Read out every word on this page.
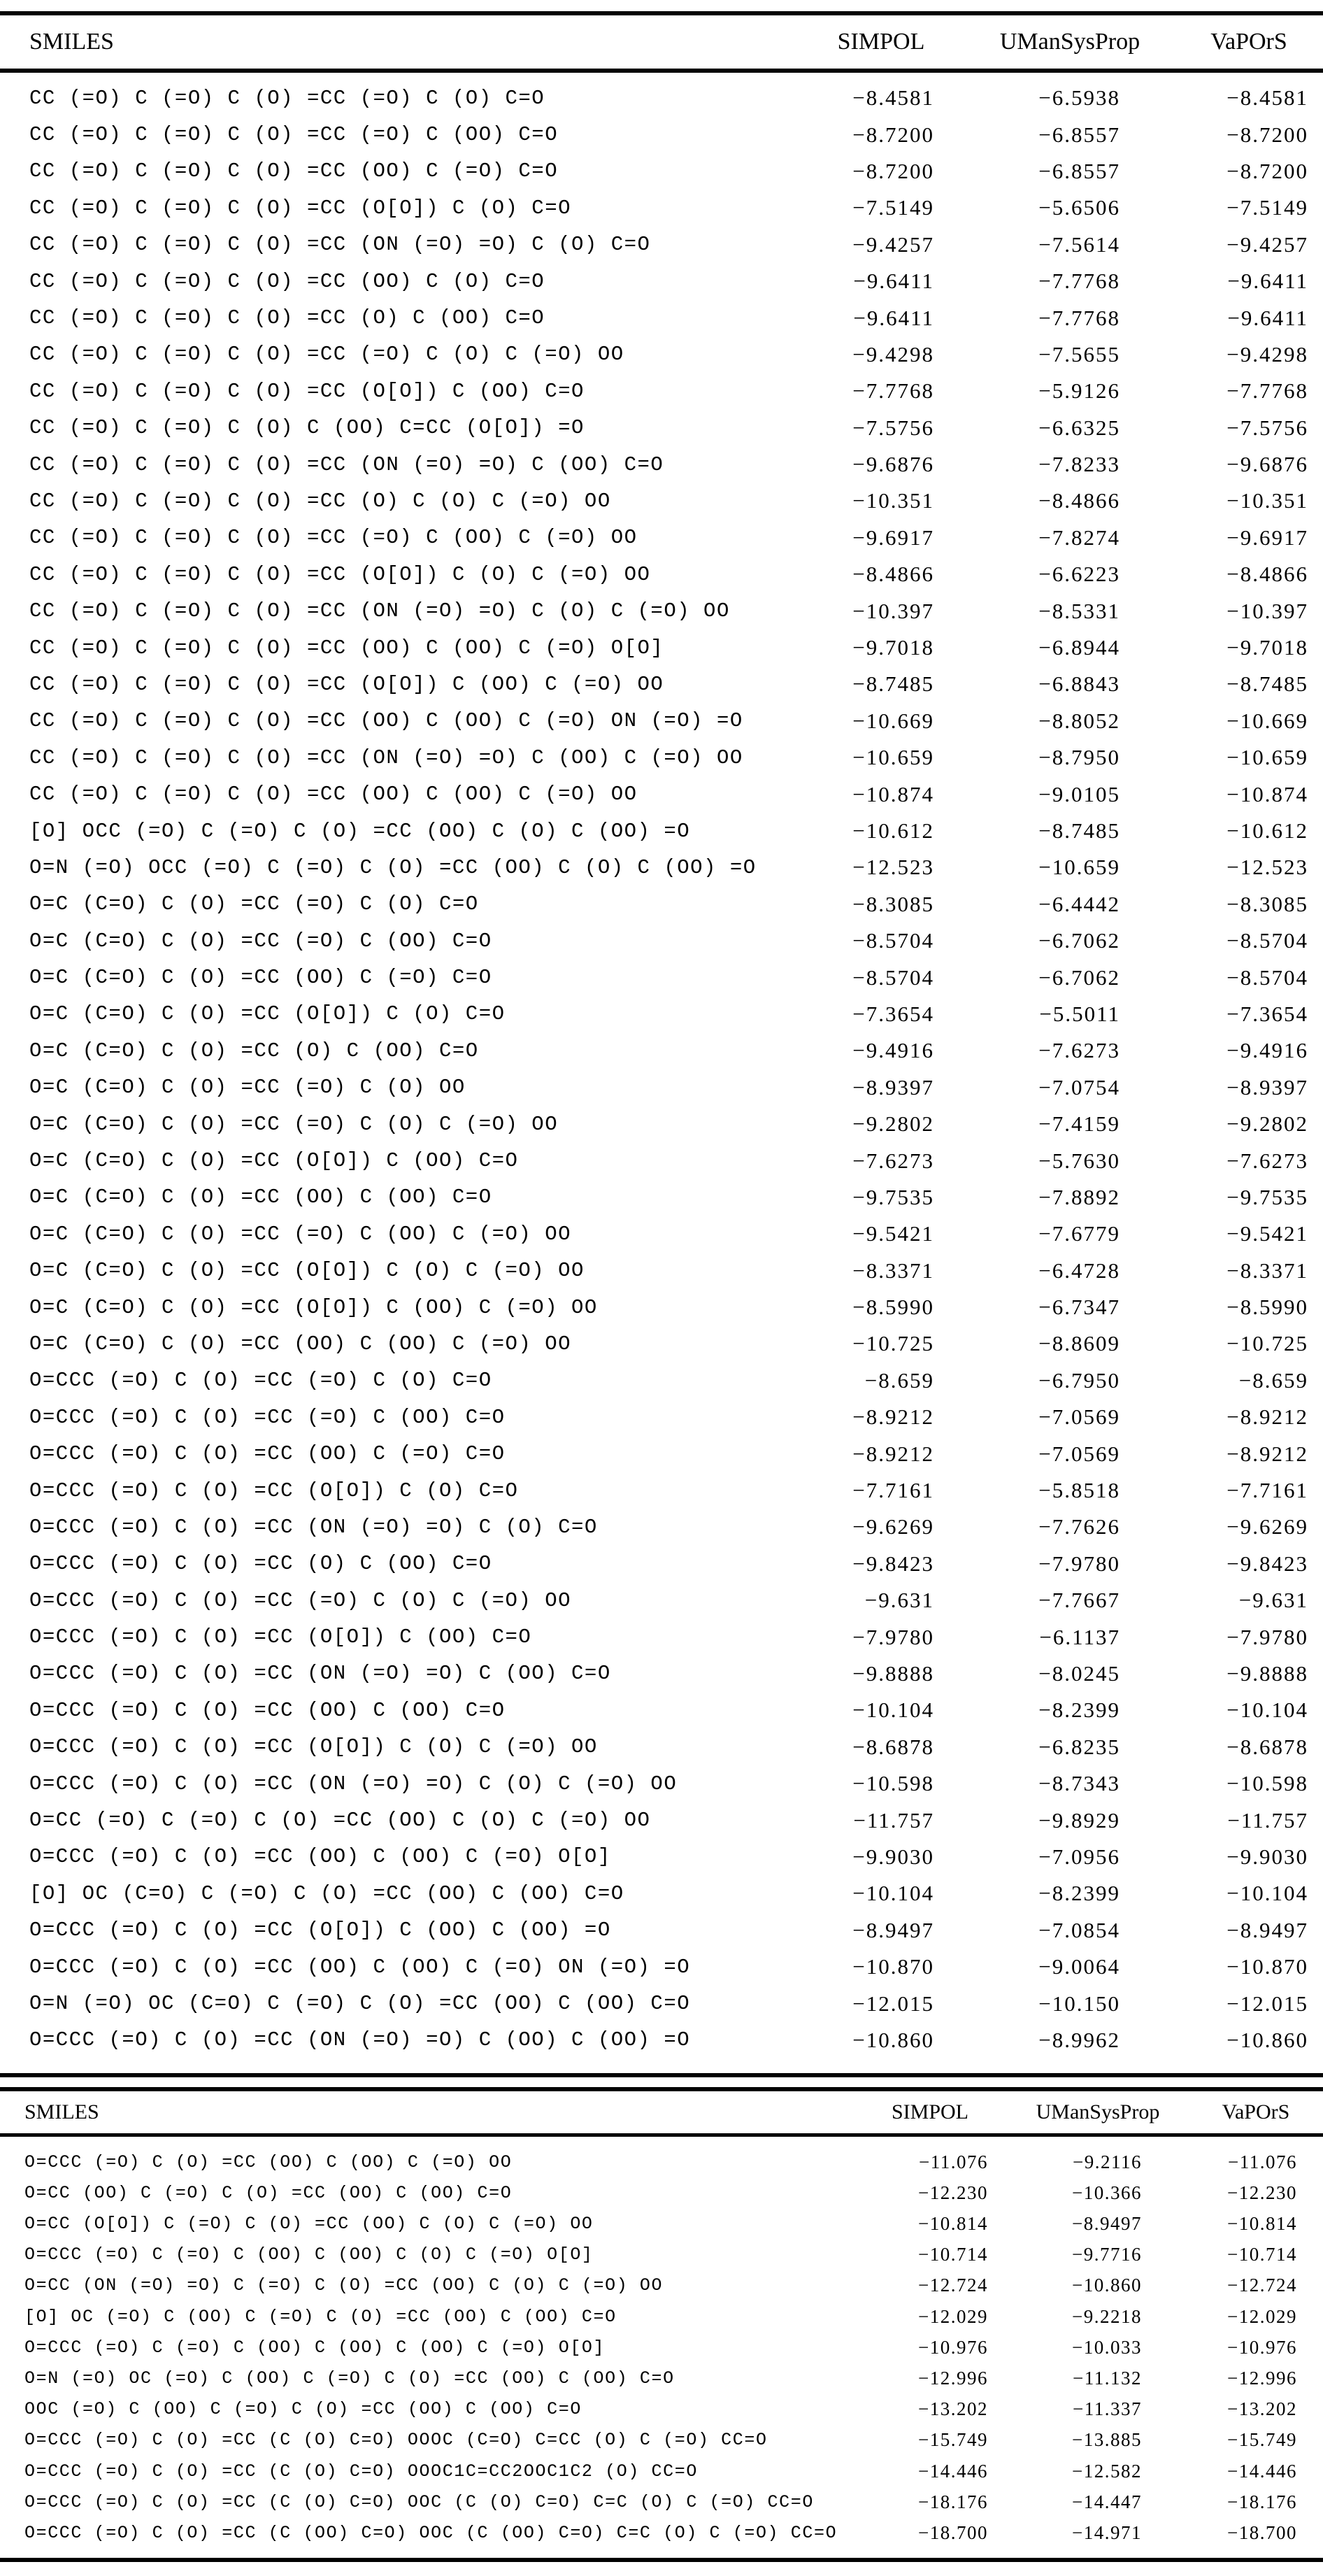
SMILES	SIMPOL	UManSysProp	VaPOrS
CC (=O) C (=O) C (O) =CC (=O) C (O) C=O	−8.4581	−6.5938	−8.4581
CC (=O) C (=O) C (O) =CC (=O) C (OO) C=O	−8.7200	−6.8557	−8.7200
CC (=O) C (=O) C (O) =CC (OO) C (=O) C=O	−8.7200	−6.8557	−8.7200
CC (=O) C (=O) C (O) =CC (O[O]) C (O) C=O	−7.5149	−5.6506	−7.5149
CC (=O) C (=O) C (O) =CC (ON (=O) =O) C (O) C=O	−9.4257	−7.5614	−9.4257
CC (=O) C (=O) C (O) =CC (OO) C (O) C=O	−9.6411	−7.7768	−9.6411
CC (=O) C (=O) C (O) =CC (O) C (OO) C=O	−9.6411	−7.7768	−9.6411
CC (=O) C (=O) C (O) =CC (=O) C (O) C (=O) OO	−9.4298	−7.5655	−9.4298
CC (=O) C (=O) C (O) =CC (O[O]) C (OO) C=O	−7.7768	−5.9126	−7.7768
CC (=O) C (=O) C (O) C (OO) C=CC (O[O]) =O	−7.5756	−6.6325	−7.5756
CC (=O) C (=O) C (O) =CC (ON (=O) =O) C (OO) C=O	−9.6876	−7.8233	−9.6876
CC (=O) C (=O) C (O) =CC (O) C (O) C (=O) OO	−10.351	−8.4866	−10.351
CC (=O) C (=O) C (O) =CC (=O) C (OO) C (=O) OO	−9.6917	−7.8274	−9.6917
CC (=O) C (=O) C (O) =CC (O[O]) C (O) C (=O) OO	−8.4866	−6.6223	−8.4866
CC (=O) C (=O) C (O) =CC (ON (=O) =O) C (O) C (=O) OO	−10.397	−8.5331	−10.397
CC (=O) C (=O) C (O) =CC (OO) C (OO) C (=O) O[O]	−9.7018	−6.8944	−9.7018
CC (=O) C (=O) C (O) =CC (O[O]) C (OO) C (=O) OO	−8.7485	−6.8843	−8.7485
CC (=O) C (=O) C (O) =CC (OO) C (OO) C (=O) ON (=O) =O	−10.669	−8.8052	−10.669
CC (=O) C (=O) C (O) =CC (ON (=O) =O) C (OO) C (=O) OO	−10.659	−8.7950	−10.659
CC (=O) C (=O) C (O) =CC (OO) C (OO) C (=O) OO	−10.874	−9.0105	−10.874
[O] OCC (=O) C (=O) C (O) =CC (OO) C (O) C (OO) =O	−10.612	−8.7485	−10.612
O=N (=O) OCC (=O) C (=O) C (O) =CC (OO) C (O) C (OO) =O	−12.523	−10.659	−12.523
O=C (C=O) C (O) =CC (=O) C (O) C=O	−8.3085	−6.4442	−8.3085
O=C (C=O) C (O) =CC (=O) C (OO) C=O	−8.5704	−6.7062	−8.5704
O=C (C=O) C (O) =CC (OO) C (=O) C=O	−8.5704	−6.7062	−8.5704
O=C (C=O) C (O) =CC (O[O]) C (O) C=O	−7.3654	−5.5011	−7.3654
O=C (C=O) C (O) =CC (O) C (OO) C=O	−9.4916	−7.6273	−9.4916
O=C (C=O) C (O) =CC (=O) C (O) OO	−8.9397	−7.0754	−8.9397
O=C (C=O) C (O) =CC (=O) C (O) C (=O) OO	−9.2802	−7.4159	−9.2802
O=C (C=O) C (O) =CC (O[O]) C (OO) C=O	−7.6273	−5.7630	−7.6273
O=C (C=O) C (O) =CC (OO) C (OO) C=O	−9.7535	−7.8892	−9.7535
O=C (C=O) C (O) =CC (=O) C (OO) C (=O) OO	−9.5421	−7.6779	−9.5421
O=C (C=O) C (O) =CC (O[O]) C (O) C (=O) OO	−8.3371	−6.4728	−8.3371
O=C (C=O) C (O) =CC (O[O]) C (OO) C (=O) OO	−8.5990	−6.7347	−8.5990
O=C (C=O) C (O) =CC (OO) C (OO) C (=O) OO	−10.725	−8.8609	−10.725
O=CCC (=O) C (O) =CC (=O) C (O) C=O	−8.659	−6.7950	−8.659
O=CCC (=O) C (O) =CC (=O) C (OO) C=O	−8.9212	−7.0569	−8.9212
O=CCC (=O) C (O) =CC (OO) C (=O) C=O	−8.9212	−7.0569	−8.9212
O=CCC (=O) C (O) =CC (O[O]) C (O) C=O	−7.7161	−5.8518	−7.7161
O=CCC (=O) C (O) =CC (ON (=O) =O) C (O) C=O	−9.6269	−7.7626	−9.6269
O=CCC (=O) C (O) =CC (O) C (OO) C=O	−9.8423	−7.9780	−9.8423
O=CCC (=O) C (O) =CC (=O) C (O) C (=O) OO	−9.631	−7.7667	−9.631
O=CCC (=O) C (O) =CC (O[O]) C (OO) C=O	−7.9780	−6.1137	−7.9780
O=CCC (=O) C (O) =CC (ON (=O) =O) C (OO) C=O	−9.8888	−8.0245	−9.8888
O=CCC (=O) C (O) =CC (OO) C (OO) C=O	−10.104	−8.2399	−10.104
O=CCC (=O) C (O) =CC (O[O]) C (O) C (=O) OO	−8.6878	−6.8235	−8.6878
O=CCC (=O) C (O) =CC (ON (=O) =O) C (O) C (=O) OO	−10.598	−8.7343	−10.598
O=CC (=O) C (=O) C (O) =CC (OO) C (O) C (=O) OO	−11.757	−9.8929	−11.757
O=CCC (=O) C (O) =CC (OO) C (OO) C (=O) O[O]	−9.9030	−7.0956	−9.9030
[O] OC (C=O) C (=O) C (O) =CC (OO) C (OO) C=O	−10.104	−8.2399	−10.104
O=CCC (=O) C (O) =CC (O[O]) C (OO) C (OO) =O	−8.9497	−7.0854	−8.9497
O=CCC (=O) C (O) =CC (OO) C (OO) C (=O) ON (=O) =O	−10.870	−9.0064	−10.870
O=N (=O) OC (C=O) C (=O) C (O) =CC (OO) C (OO) C=O	−12.015	−10.150	−12.015
O=CCC (=O) C (O) =CC (ON (=O) =O) C (OO) C (OO) =O	−10.860	−8.9962	−10.860
SMILES	SIMPOL	UManSysProp	VaPOrS
O=CCC (=O) C (O) =CC (OO) C (OO) C (=O) OO	−11.076	−9.2116	−11.076
O=CC (OO) C (=O) C (O) =CC (OO) C (OO) C=O	−12.230	−10.366	−12.230
O=CC (O[O]) C (=O) C (O) =CC (OO) C (O) C (=O) OO	−10.814	−8.9497	−10.814
O=CCC (=O) C (=O) C (OO) C (OO) C (O) C (=O) O[O]	−10.714	−9.7716	−10.714
O=CC (ON (=O) =O) C (=O) C (O) =CC (OO) C (O) C (=O) OO	−12.724	−10.860	−12.724
[O] OC (=O) C (OO) C (=O) C (O) =CC (OO) C (OO) C=O	−12.029	−9.2218	−12.029
O=CCC (=O) C (=O) C (OO) C (OO) C (OO) C (=O) O[O]	−10.976	−10.033	−10.976
O=N (=O) OC (=O) C (OO) C (=O) C (O) =CC (OO) C (OO) C=O	−12.996	−11.132	−12.996
OOC (=O) C (OO) C (=O) C (O) =CC (OO) C (OO) C=O	−13.202	−11.337	−13.202
O=CCC (=O) C (O) =CC (C (O) C=O) OOOC (C=O) C=CC (O) C (=O) CC=O	−15.749	−13.885	−15.749
O=CCC (=O) C (O) =CC (C (O) C=O) OOOC1C=CC2OOC1C2 (O) CC=O	−14.446	−12.582	−14.446
O=CCC (=O) C (O) =CC (C (O) C=O) OOC (C (O) C=O) C=C (O) C (=O) CC=O	−18.176	−14.447	−18.176
O=CCC (=O) C (O) =CC (C (OO) C=O) OOC (C (OO) C=O) C=C (O) C (=O) CC=O	−18.700	−14.971	−18.700
